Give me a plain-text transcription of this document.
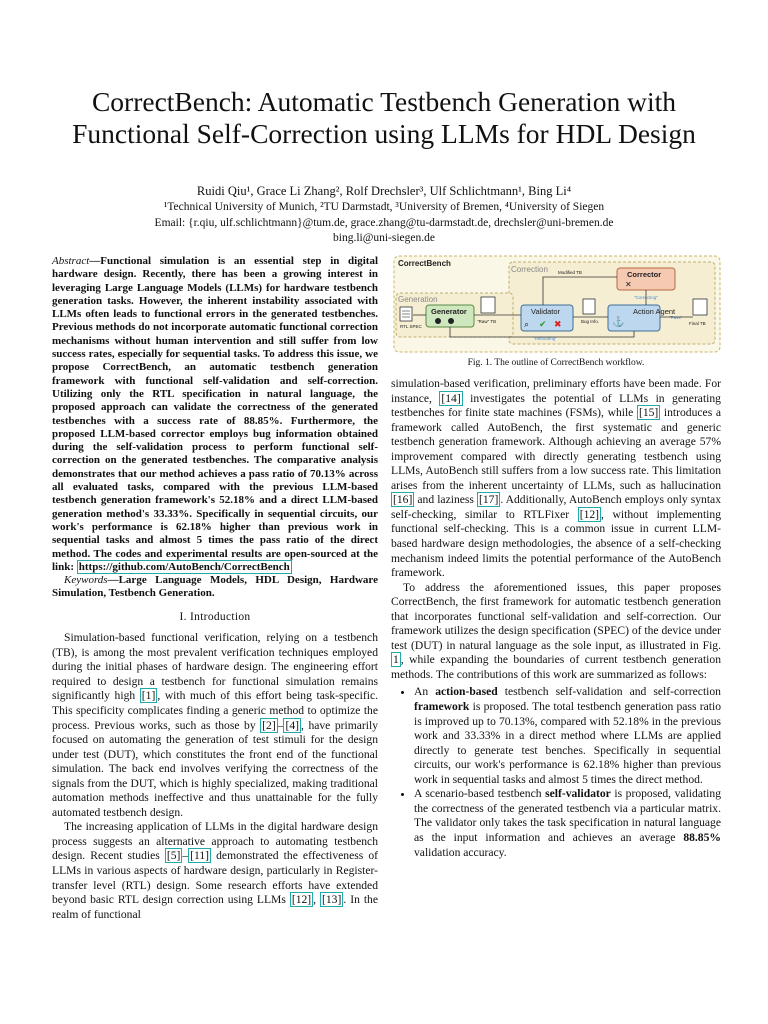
CorrectBench: Automatic Testbench Generation with Functional Self-Correction using LLMs for HDL Design
Ruidi Qiu¹, Grace Li Zhang², Rolf Drechsler³, Ulf Schlichtmann¹, Bing Li⁴
¹Technical University of Munich, ²TU Darmstadt, ³University of Bremen, ⁴University of Siegen
Email: {r.qiu, ulf.schlichtmann}@tum.de, grace.zhang@tu-darmstadt.de, drechsler@uni-bremen.de
bing.li@uni-siegen.de
Abstract—Functional simulation is an essential step in digital hardware design. Recently, there has been a growing interest in leveraging Large Language Models (LLMs) for hardware testbench generation tasks. However, the inherent instability associated with LLMs often leads to functional errors in the generated testbenches. Previous methods do not incorporate automatic functional correction mechanisms without human intervention and still suffer from low success rates, especially for sequential tasks. To address this issue, we propose CorrectBench, an automatic testbench generation framework with functional self-validation and self-correction. Utilizing only the RTL specification in natural language, the proposed approach can validate the correctness of the generated testbenches with a success rate of 88.85%. Furthermore, the proposed LLM-based corrector employs bug information obtained during the self-validation process to perform functional self-correction on the generated testbenches. The comparative analysis demonstrates that our method achieves a pass ratio of 70.13% across all evaluated tasks, compared with the previous LLM-based testbench generation framework's 52.18% and a direct LLM-based generation method's 33.33%. Specifically in sequential circuits, our work's performance is 62.18% higher than previous work in sequential tasks and almost 5 times the pass ratio of the direct method. The codes and experimental results are open-sourced at the link: https://github.com/AutoBench/CorrectBench
Keywords—Large Language Models, HDL Design, Hardware Simulation, Testbench Generation.
I. Introduction

Simulation-based functional verification, relying on a testbench (TB), is among the most prevalent verification techniques employed during the initial phases of hardware design. The engineering effort required to design a testbench for functional simulation remains significantly high [1] , with much of this effort being task-specific. This specificity complicates finding a generic method to optimize the process. Previous works, such as those by [2] – [4] , have primarily focused on automating the generation of test stimuli for the design under test (DUT), which constitutes the front end of the functional simulation. The back end involves verifying the correctness of the signals from the DUT, which is highly specialized, making traditional automation methods ineffective and thus unattainable for the fully automated testbench design.

The increasing application of LLMs in the digital hardware design process suggests an alternative approach to automating testbench design. Recent studies [5] – [11] demonstrated the effectiveness of LLMs in various aspects of hardware design, particularly in Register-transfer level (RTL) design. Some research efforts have extended beyond basic RTL design correction using LLMs [12] , [13] . In the realm of functional

CorrectBench
Correction
Generation
RTL SPEC
Generator
"Raw" TB
Validator
⌕ ✔ ✖	Bug Info.
Action Agent
⚓
Corrector
✕
"Correcting"
Modified TB
Final TB
"Pass"
"Rebooting"
Fig. 1. The outline of CorrectBench workflow.

simulation-based verification, preliminary efforts have been made. For instance, [14] investigates the potential of LLMs in generating testbenches for finite state machines (FSMs), while [15] introduces a framework called AutoBench, the first systematic and generic testbench generation framework. Although achieving an average 57% improvement compared with directly generating testbench using LLMs, AutoBench still suffers from a low success rate. This limitation arises from the inherent uncertainty of LLMs, such as hallucination [16] and laziness [17] . Additionally, AutoBench employs only syntax self-checking, similar to RTLFixer [12] , without implementing functional self-checking. This is a common issue in current LLM-based hardware design methodologies, the absence of a self-checking mechanism indeed limits the potential performance of the AutoBench framework.

To address the aforementioned issues, this paper proposes CorrectBench, the first framework for automatic testbench generation that incorporates functional self-validation and self-correction. Our framework utilizes the design specification (SPEC) of the device under test (DUT) in natural language as the sole input, as illustrated in Fig. 1 , while expanding the boundaries of current testbench generation methods. The contributions of this work are summarized as follows:

• An action-based testbench self-validation and self-correction framework is proposed. The total testbench generation pass ratio is improved up to 70.13%, compared with 52.18% in the previous work and 33.33% in a direct method where LLMs are applied directly to generate test benches. Specifically in sequential circuits, our work's performance is 62.18% higher than previous work in sequential tasks and almost 5 times the direct method.
• A scenario-based testbench self-validator is proposed, validating the correctness of the generated testbench via a particular matrix. The validator only takes the task specification in natural language as the input information and achieves an average 88.85% validation accuracy.
